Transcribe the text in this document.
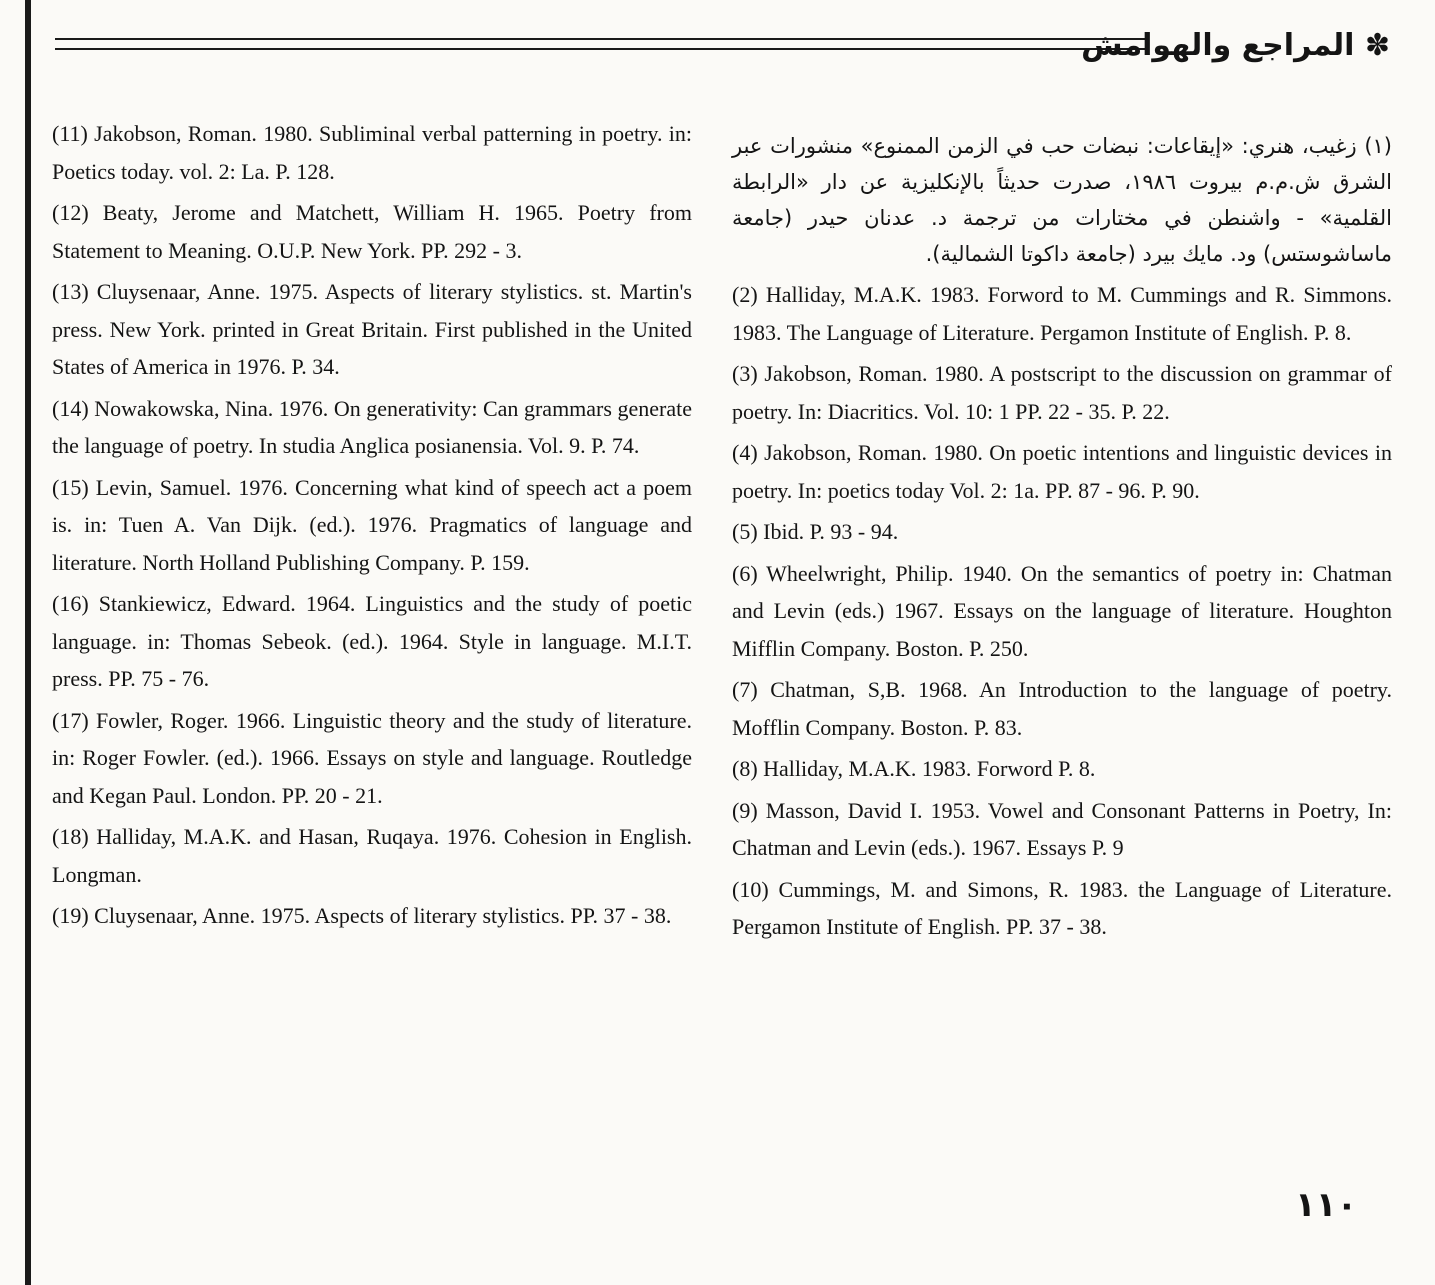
✽ المراجع والهوامش
(11) Jakobson, Roman. 1980. Subliminal verbal patterning in poetry. in: Poetics today. vol. 2: La. P. 128.
(12) Beaty, Jerome and Matchett, William H. 1965. Poetry from Statement to Meaning. O.U.P. New York. PP. 292 - 3.
(13) Cluysenaar, Anne. 1975. Aspects of literary stylistics. st. Martin's press. New York. printed in Great Britain. First published in the United States of America in 1976. P. 34.
(14) Nowakowska, Nina. 1976. On generativity: Can grammars generate the language of poetry. In studia Anglica posianensia. Vol. 9. P. 74.
(15) Levin, Samuel. 1976. Concerning what kind of speech act a poem is. in: Tuen A. Van Dijk. (ed.). 1976. Pragmatics of language and literature. North Holland Publishing Company. P. 159.
(16) Stankiewicz, Edward. 1964. Linguistics and the study of poetic language. in: Thomas Sebeok. (ed.). 1964. Style in language. M.I.T. press. PP. 75 - 76.
(17) Fowler, Roger. 1966. Linguistic theory and the study of literature. in: Roger Fowler. (ed.). 1966. Essays on style and language. Routledge and Kegan Paul. London. PP. 20 - 21.
(18) Halliday, M.A.K. and Hasan, Ruqaya. 1976. Cohesion in English. Longman.
(19) Cluysenaar, Anne. 1975. Aspects of literary stylistics. PP. 37 - 38.
(١) زغيب، هنري: «إيقاعات: نبضات حب في الزمن الممنوع» منشورات عبر الشرق ش.م.م بيروت ١٩٨٦، صدرت حديثاً بالإنكليزية عن دار «الرابطة القلمية» - واشنطن في مختارات من ترجمة د. عدنان حيدر (جامعة ماساشوستس) ود. مايك بيرد (جامعة داكوتا الشمالية).
(2) Halliday, M.A.K. 1983. Forword to M. Cummings and R. Simmons. 1983. The Language of Literature. Pergamon Institute of English. P. 8.
(3) Jakobson, Roman. 1980. A postscript to the discussion on grammar of poetry. In: Diacritics. Vol. 10: 1 PP. 22 - 35. P. 22.
(4) Jakobson, Roman. 1980. On poetic intentions and linguistic devices in poetry. In: poetics today Vol. 2: 1a. PP. 87 - 96. P. 90.
(5) Ibid. P. 93 - 94.
(6) Wheelwright, Philip. 1940. On the semantics of poetry in: Chatman and Levin (eds.) 1967. Essays on the language of literature. Houghton Mifflin Company. Boston. P. 250.
(7) Chatman, S,B. 1968. An Introduction to the language of poetry. Mofflin Company. Boston. P. 83.
(8) Halliday, M.A.K. 1983. Forword P. 8.
(9) Masson, David I. 1953. Vowel and Consonant Patterns in Poetry, In: Chatman and Levin (eds.). 1967. Essays P. 9
(10) Cummings, M. and Simons, R. 1983. the Language of Literature. Pergamon Institute of English. PP. 37 - 38.
١١٠
